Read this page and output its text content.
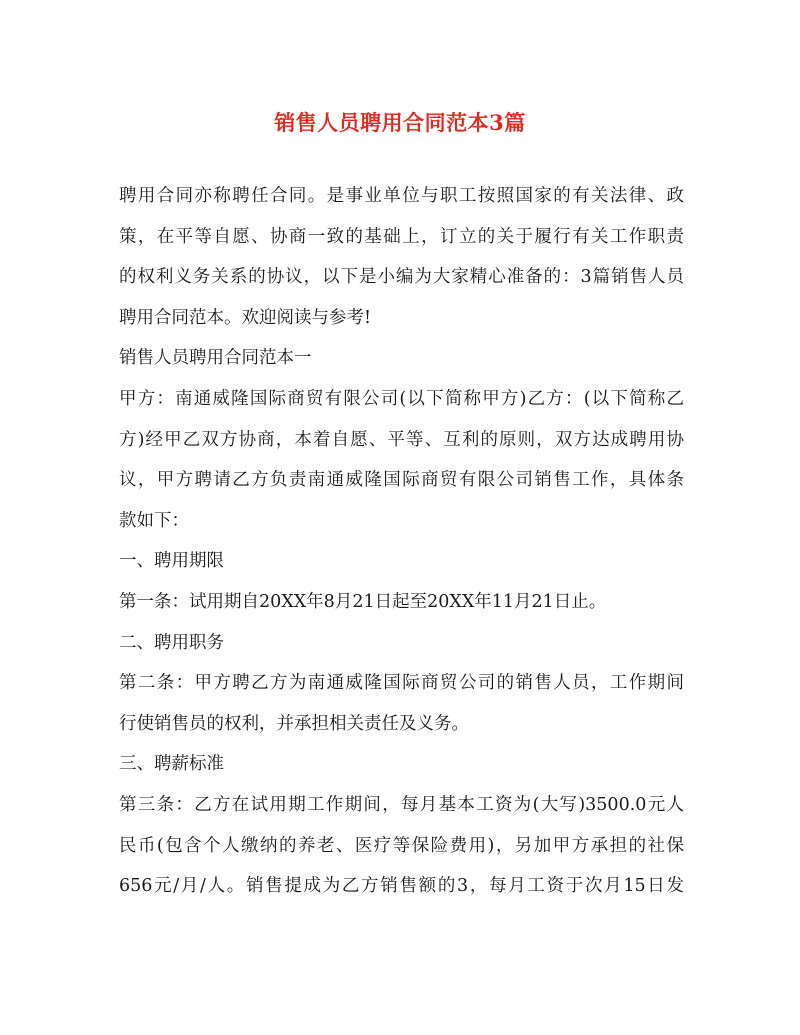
销售人员聘用合同范本3篇

聘用合同亦称聘任合同。是事业单位与职工按照国家的有关法律、政
策，在平等自愿、协商一致的基础上，订立的关于履行有关工作职责
的权利义务关系的协议，以下是小编为大家精心准备的：3篇销售人员
聘用合同范本。欢迎阅读与参考!

销售人员聘用合同范本一

甲方：南通威隆国际商贸有限公司(以下简称甲方)乙方：(以下简称乙
方)经甲乙双方协商，本着自愿、平等、互利的原则，双方达成聘用协
议，甲方聘请乙方负责南通威隆国际商贸有限公司销售工作，具体条
款如下：

一、聘用期限

第一条：试用期自20XX年8月21日起至20XX年11月21日止。

二、聘用职务

第二条：甲方聘乙方为南通威隆国际商贸公司的销售人员，工作期间
行使销售员的权利，并承担相关责任及义务。

三、聘薪标准

第三条：乙方在试用期工作期间，每月基本工资为(大写)3500.0元人
民币(包含个人缴纳的养老、医疗等保险费用)，另加甲方承担的社保
656元/月/人。销售提成为乙方销售额的3，每月工资于次月15日发
